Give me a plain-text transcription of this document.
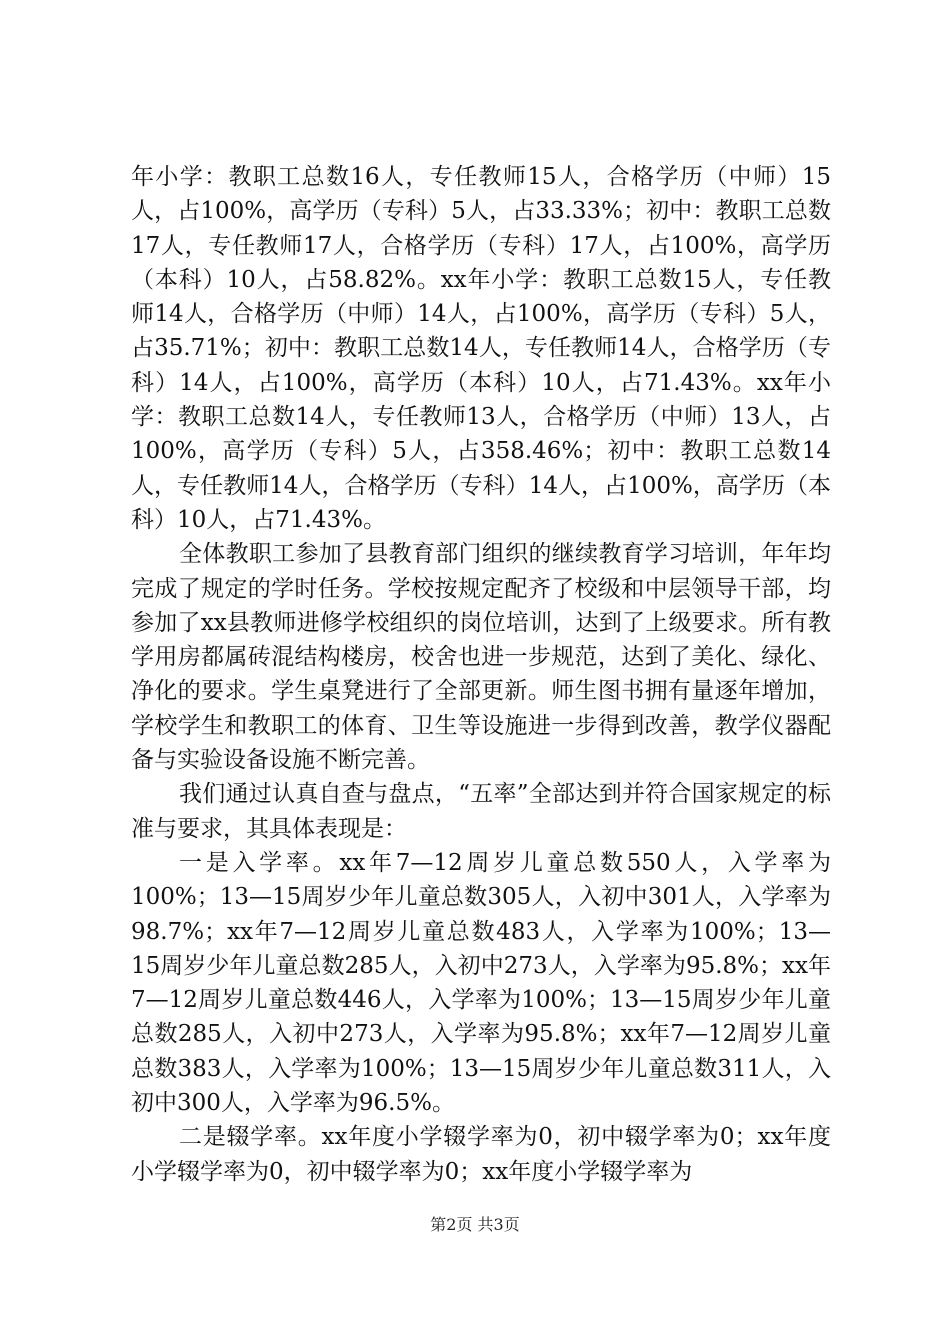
年小学：教职工总数16人，专任教师15人，合格学历（中师）15人，占100%，高学历（专科）5人，占33.33%；初中：教职工总数17人，专任教师17人，合格学历（专科）17人，占100%，高学历（本科）10人，占58.82%。xx年小学：教职工总数15人，专任教师14人，合格学历（中师）14人，占100%，高学历（专科）5人，占35.71%；初中：教职工总数14人，专任教师14人，合格学历（专科）14人，占100%，高学历（本科）10人，占71.43%。xx年小学：教职工总数14人，专任教师13人，合格学历（中师）13人，占100%，高学历（专科）5人，占358.46%；初中：教职工总数14人，专任教师14人，合格学历（专科）14人，占100%，高学历（本科）10人，占71.43%。

全体教职工参加了县教育部门组织的继续教育学习培训，年年均完成了规定的学时任务。学校按规定配齐了校级和中层领导干部，均参加了xx县教师进修学校组织的岗位培训，达到了上级要求。所有教学用房都属砖混结构楼房，校舍也进一步规范，达到了美化、绿化、净化的要求。学生桌凳进行了全部更新。师生图书拥有量逐年增加，学校学生和教职工的体育、卫生等设施进一步得到改善，教学仪器配备与实验设备设施不断完善。

我们通过认真自查与盘点，“五率”全部达到并符合国家规定的标准与要求，其具体表现是：

一是入学率。xx年7—12周岁儿童总数550人，入学率为100%；13—15周岁少年儿童总数305人，入初中301人，入学率为98.7%；xx年7—12周岁儿童总数483人，入学率为100%；13—15周岁少年儿童总数285人，入初中273人，入学率为95.8%；xx年7—12周岁儿童总数446人，入学率为100%；13—15周岁少年儿童总数285人，入初中273人，入学率为95.8%；xx年7—12周岁儿童总数383人，入学率为100%；13—15周岁少年儿童总数311人，入初中300人，入学率为96.5%。

二是辍学率。xx年度小学辍学率为0，初中辍学率为0；xx年度小学辍学率为0，初中辍学率为0；xx年度小学辍学率为

第2页 共3页
